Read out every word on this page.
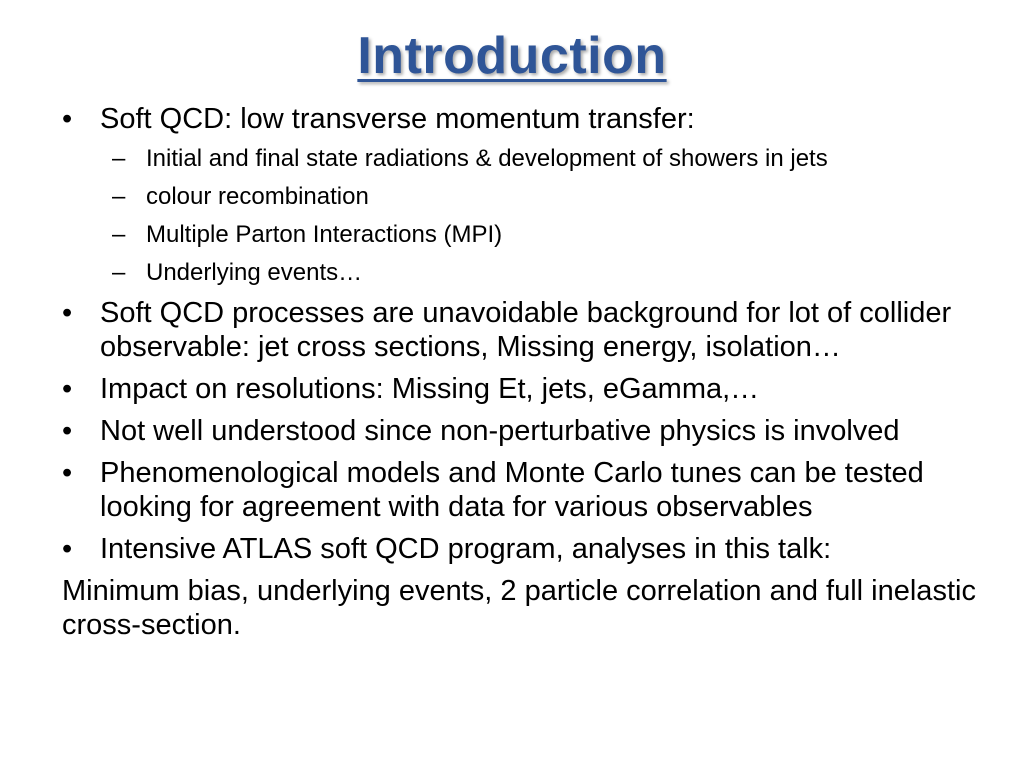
Introduction
• Soft QCD: low transverse momentum transfer:
– Initial and final state radiations & development of showers in jets
– colour recombination
– Multiple Parton Interactions (MPI)
– Underlying events…
• Soft QCD processes are unavoidable background for lot of collider observable: jet cross sections, Missing energy, isolation…
• Impact on resolutions: Missing Et, jets, eGamma,…
• Not well understood since non-perturbative physics is involved
• Phenomenological models and Monte Carlo tunes can be tested looking for agreement with data for various observables
• Intensive ATLAS soft QCD program, analyses in this talk:
Minimum bias, underlying events, 2 particle correlation and full inelastic cross-section.
